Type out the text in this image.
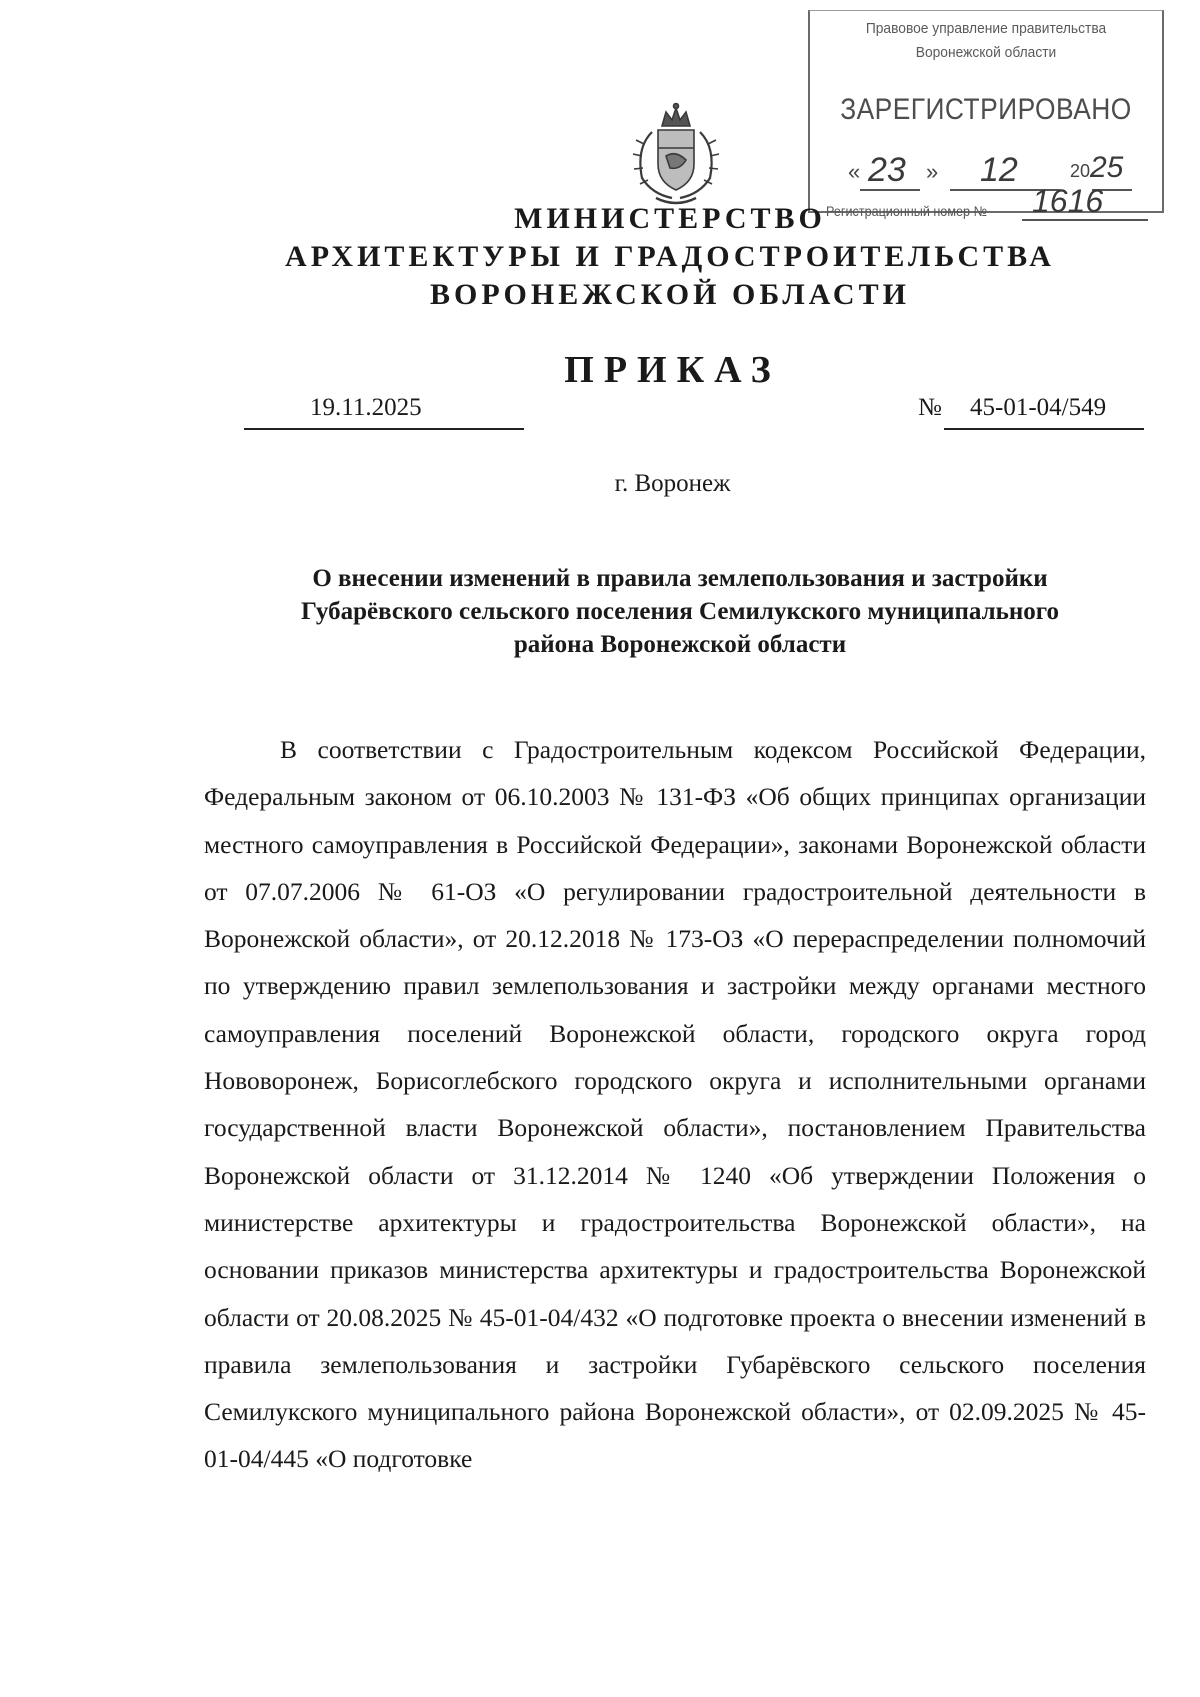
Правовое управление правительства
Воронежской области
ЗАРЕГИСТРИРОВАНО
« 23 » 12	20 25
Регистрационный номер № 1616
МИНИСТЕРСТВО
АРХИТЕКТУРЫ И ГРАДОСТРОИТЕЛЬСТВА
ВОРОНЕЖСКОЙ ОБЛАСТИ
ПРИКАЗ
19.11.2025	№ 45-01-04/549
г. Воронеж
О внесении изменений в правила землепользования и застройки
Губарёвского сельского поселения Семилукского муниципального
района Воронежской области

В соответствии с Градостроительным кодексом Российской Федерации, Федеральным законом от 06.10.2003 № 131-ФЗ «Об общих принципах организации местного самоуправления в Российской Федерации», законами Воронежской области от 07.07.2006 № 61-ОЗ «О регулировании градостроительной деятельности в Воронежской области», от 20.12.2018 № 173-ОЗ «О перераспределении полномочий по утверждению правил землепользования и застройки между органами местного самоуправления поселений Воронежской области, городского округа город Нововоронеж, Борисоглебского городского округа и исполнительными органами государственной власти Воронежской области», постановлением Правительства Воронежской области от 31.12.2014 № 1240 «Об утверждении Положения о министерстве архитектуры и градостроительства Воронежской области», на основании приказов министерства архитектуры и градостроительства Воронежской области от 20.08.2025 № 45-01-04/432 «О подготовке проекта о внесении изменений в правила землепользования и застройки Губарёвского сельского поселения Семилукского муниципального района Воронежской области», от 02.09.2025 № 45-01-04/445 «О подготовке
